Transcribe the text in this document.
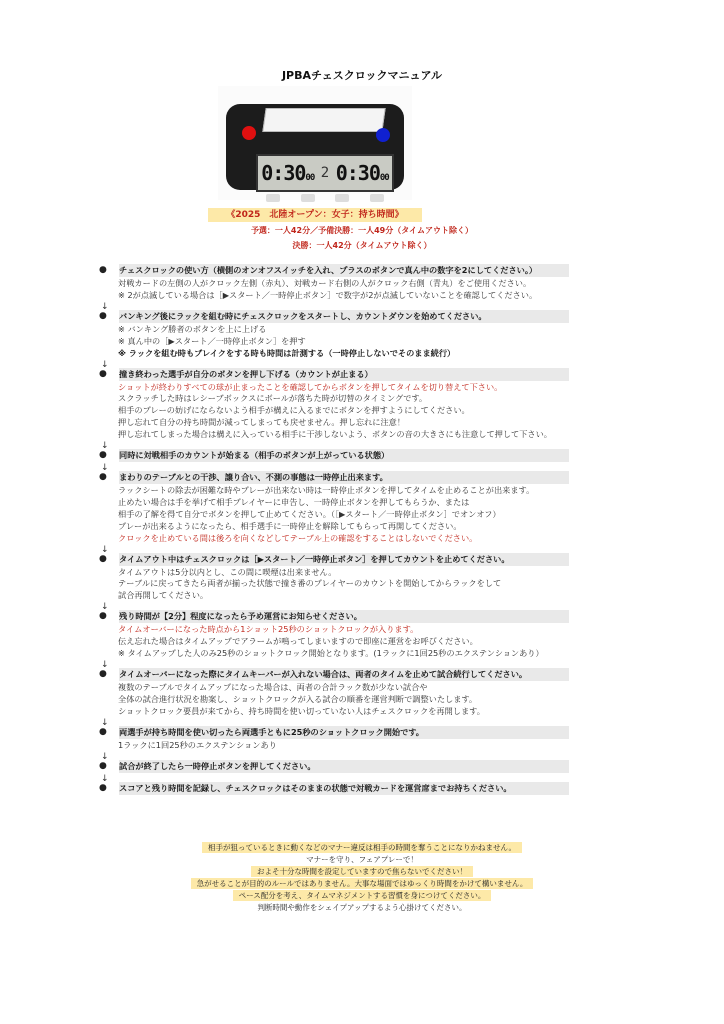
JPBAチェスクロックマニュアル
0:3000 2 0:3000
《2025　北陸オープン：女子：持ち時間》
予選：一人42分／予備決勝：一人49分（タイムアウト除く）
決勝：一人42分（タイムアウト除く）
● チェスクロックの使い方（横側のオンオフスイッチを入れ、プラスのボタンで真ん中の数字を2にしてください。）
対戦カードの左側の人がクロック左側（赤丸）、対戦カード右側の人がクロック右側（青丸）をご使用ください。
※ 2が点滅している場合は［▶スタート／一時停止ボタン］で数字が2が点滅していないことを確認してください。
↓
● バンキング後にラックを組む時にチェスクロックをスタートし、カウントダウンを始めてください。
※ バンキング勝者のボタンを上に上げる
※ 真ん中の［▶スタート／一時停止ボタン］を押す
※ ラックを組む時もブレイクをする時も時間は計測する（一時停止しないでそのまま続行）
↓
● 撞き終わった選手が自分のボタンを押し下げる（カウントが止まる）
ショットが終わりすべての球が止まったことを確認してからボタンを押してタイムを切り替えて下さい。
スクラッチした時はレシーブボックスにボールが落ちた時が切替のタイミングです。
相手のプレーの妨げにならないよう相手が構えに入るまでにボタンを押すようにしてください。
押し忘れて自分の持ち時間が減ってしまっても戻せません。押し忘れに注意！
押し忘れてしまった場合は構えに入っている相手に干渉しないよう、ボタンの音の大きさにも注意して押して下さい。
↓
● 同時に対戦相手のカウントが始まる（相手のボタンが上がっている状態）
↓
● まわりのテーブルとの干渉、譲り合い、不測の事態は一時停止出来ます。
ラックシートの除去が困難な時やプレーが出来ない時は一時停止ボタンを押してタイムを止めることが出来ます。
止めたい場合は手を挙げて相手プレイヤーに申告し、一時停止ボタンを押してもらうか、または
相手の了解を得て自分でボタンを押して止めてください。（［▶スタート／一時停止ボタン］でオンオフ）
プレーが出来るようになったら、相手選手に一時停止を解除してもらって再開してください。
クロックを止めている間は後ろを向くなどしてテーブル上の確認をすることはしないでください。
↓
● タイムアウト中はチェスクロックは［▶スタート／一時停止ボタン］を押してカウントを止めてください。
タイムアウトは5分以内とし、この間に喫煙は出来ません。
テーブルに戻ってきたら両者が揃った状態で撞き番のプレイヤーのカウントを開始してからラックをして
試合再開してください。
↓
● 残り時間が【2分】程度になったら予め運営にお知らせください。
タイムオーバーになった時点から1ショット25秒のショットクロックが入ります。
伝え忘れた場合はタイムアップでアラームが鳴ってしまいますので即座に運営をお呼びください。
※ タイムアップした人のみ25秒のショットクロック開始となります。(1ラックに1回25秒のエクステンションあり）
↓
● タイムオーバーになった際にタイムキーパーが入れない場合は、両者のタイムを止めて試合続行してください。
複数のテーブルでタイムアップになった場合は、両者の合計ラック数が少ない試合や
全体の試合進行状況を勘案し、ショットクロックが入る試合の順番を運営判断で調整いたします。
ショットクロック要員が来てから、持ち時間を使い切っていない人はチェスクロックを再開します。
↓
● 両選手が持ち時間を使い切ったら両選手ともに25秒のショットクロック開始です。
1ラックに1回25秒のエクステンションあり
↓
● 試合が終了したら一時停止ボタンを押してください。
↓
● スコアと残り時間を記録し、チェスクロックはそのままの状態で対戦カードを運営席までお持ちください。
相手が狙っているときに動くなどのマナー違反は相手の時間を奪うことになりかねません。
マナーを守り、フェアプレーで！
およそ十分な時間を設定していますので焦らないでください！
急がせることが目的のルールではありません。大事な場面ではゆっくり時間をかけて構いません。
ペース配分を考え、タイムマネジメントする習慣を身につけてください。
判断時間や動作をシェイプアップするよう心掛けてください。
